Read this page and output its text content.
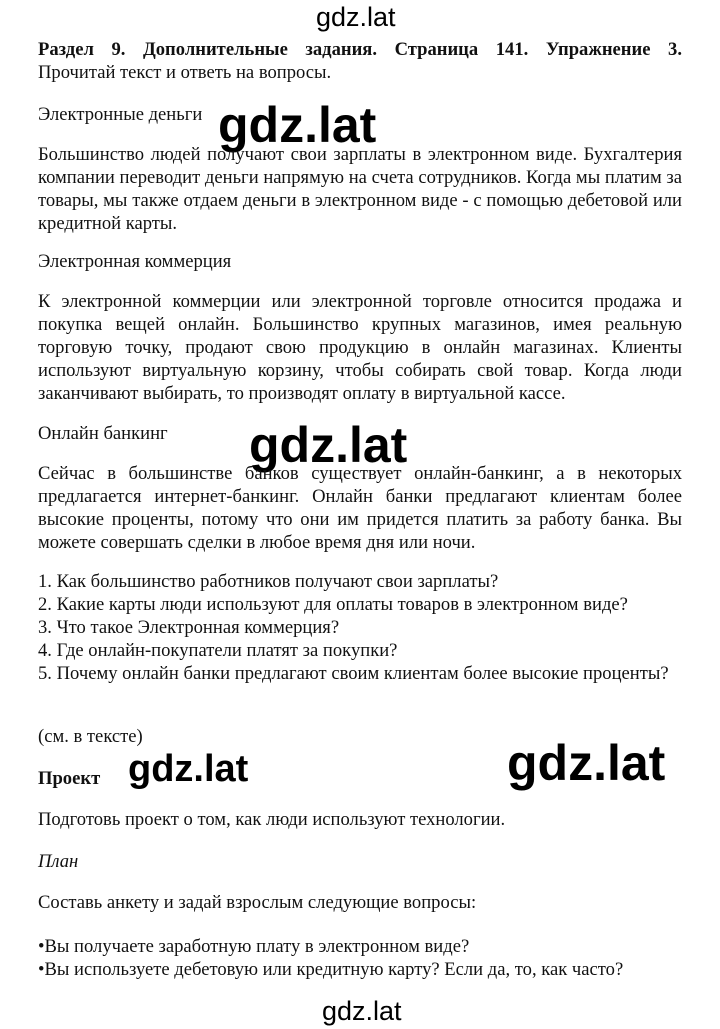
gdz.lat
Раздел 9. Дополнительные задания. Страница 141. Упражнение 3.
Прочитай текст и ответь на вопросы.
Электронные деньги gdz.lat
Большинство людей получают свои зарплаты в электронном виде. Бухгалтерия компании переводит деньги напрямую на счета сотрудников. Когда мы платим за товары, мы также отдаем деньги в электронном виде - с помощью дебетовой или кредитной карты.
Электронная коммерция
К электронной коммерции или электронной торговле относится продажа и покупка вещей онлайн. Большинство крупных магазинов, имея реальную торговую точку, продают свою продукцию в онлайн магазинах. Клиенты используют виртуальную корзину, чтобы собирать свой товар. Когда люди заканчивают выбирать, то производят оплату в виртуальной кассе.
Онлайн банкинг	gdz.lat
Сейчас в большинстве банков существует онлайн-банкинг, а в некоторых предлагается интернет-банкинг. Онлайн банки предлагают клиентам более высокие проценты, потому что они им придется платить за работу банка. Вы можете совершать сделки в любое время дня или ночи.
1. Как большинство работников получают свои зарплаты?
2. Какие карты люди используют для оплаты товаров в электронном виде?
3. Что такое Электронная коммерция?
4. Где онлайн-покупатели платят за покупки?
5. Почему онлайн банки предлагают своим клиентам более высокие проценты?
(см. в тексте)
Проект gdz.lat	gdz.lat
Подготовь проект о том, как люди используют технологии.
План
Составь анкету и задай взрослым следующие вопросы:
• Вы получаете заработную плату в электронном виде?
• Вы используете дебетовую или кредитную карту? Если да, то, как часто?
gdz.lat
